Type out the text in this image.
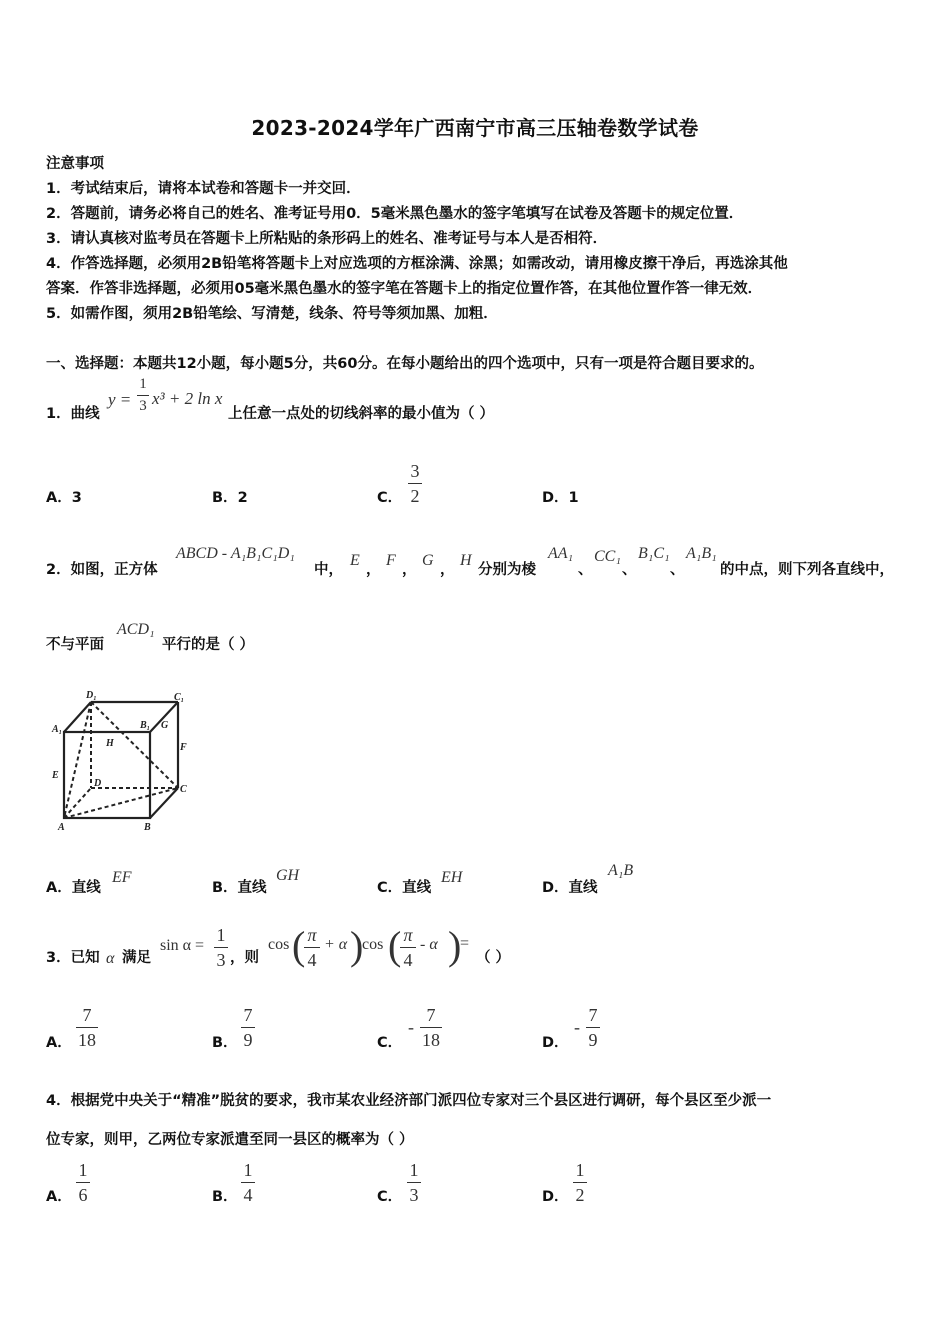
2023-2024学年广西南宁市高三压轴卷数学试卷
注意事项
1．考试结束后，请将本试卷和答题卡一并交回．
2．答题前，请务必将自己的姓名、准考证号用0．5毫米黑色墨水的签字笔填写在试卷及答题卡的规定位置．
3．请认真核对监考员在答题卡上所粘贴的条形码上的姓名、准考证号与本人是否相符．
4．作答选择题，必须用2B铅笔将答题卡上对应选项的方框涂满、涂黑；如需改动，请用橡皮擦干净后，再选涂其他
答案．作答非选择题，必须用05毫米黑色墨水的签字笔在答题卡上的指定位置作答，在其他位置作答一律无效．
5．如需作图，须用2B铅笔绘、写清楚，线条、符号等须加黑、加粗．
一、选择题：本题共12小题，每小题5分，共60分。在每小题给出的四个选项中，只有一项是符合题目要求的。
1．曲线
y =
1
3 x³ + 2 ln x
上任意一点处的切线斜率的最小值为（ ）
A．3	B．2	C．
3
2	D．1
2．如图，正方体
ABCD - A₁B₁C₁D₁
中，
E
，
F
，
G
，
H
分别为棱
AA₁
、
CC₁
、
B₁C₁
、
A₁B₁
的中点，则下列各直线中，
不与平面
ACD₁
平行的是（ ）
D₁	C₁
A₁	B₁ G
H	F
E
D
C
A	B
A．直线
EF
B．直线
GH
C．直线
EH
D．直线
A₁B
3．已知 α 满足
sin α =
1
3 ，则
cos ( π
4
+ α )
cos ( π
4
- α )
=
（ ）
A．
7
18	B．
7
9	C．
-
7
18	D．
-
7
9
4．根据党中央关于“精准”脱贫的要求，我市某农业经济部门派四位专家对三个县区进行调研，每个县区至少派一
位专家，则甲，乙两位专家派遣至同一县区的概率为（ ）
A．
1
6	B．
1
4	C．
1
3	D．
1
2
